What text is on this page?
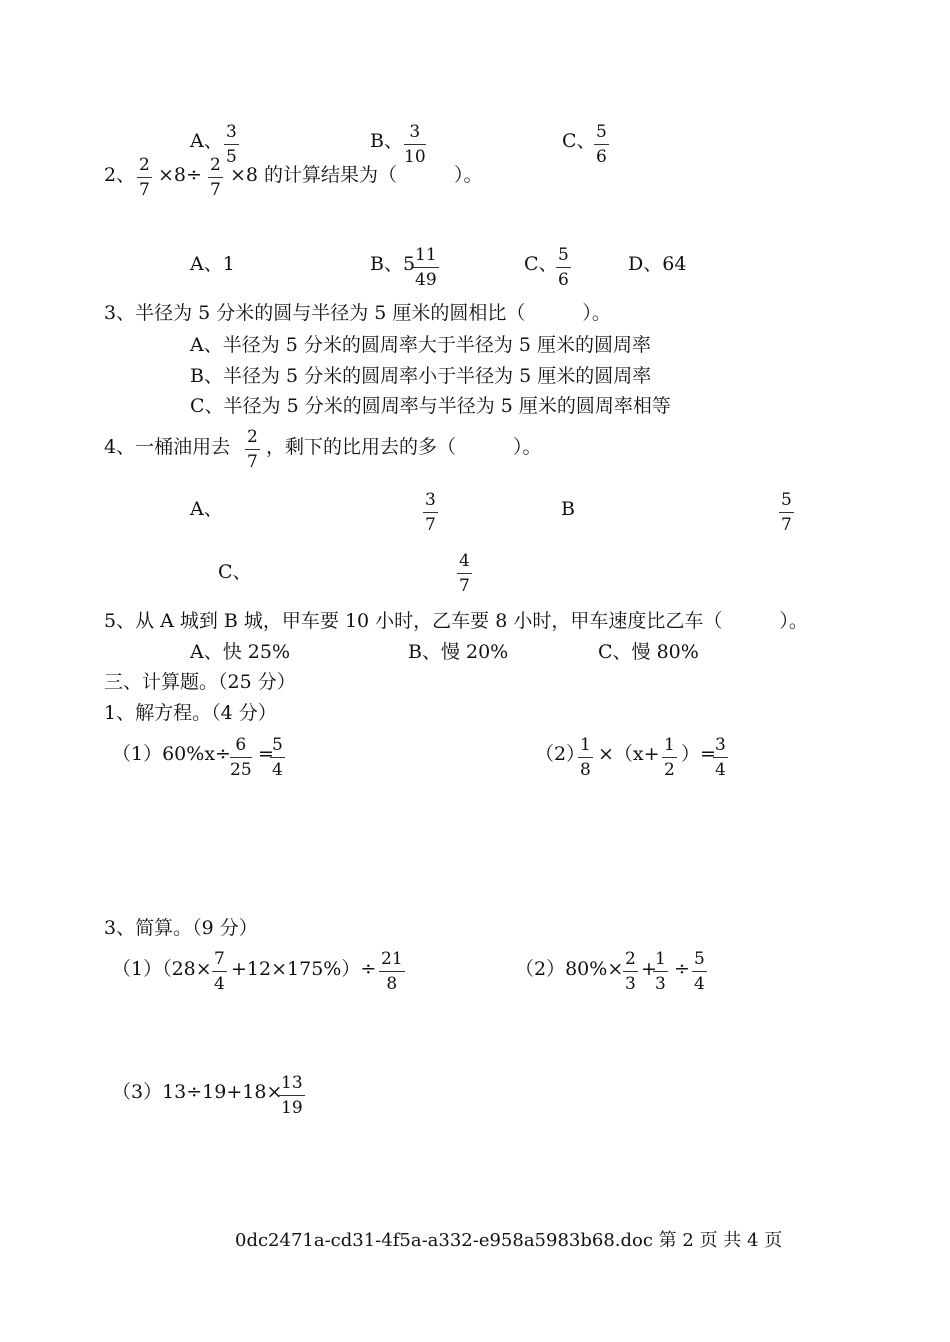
A、 $\frac{3}{5}$	B、 $\frac{3}{10}$	C、
$\frac{5}{6}$
2、 $\frac{2}{7} \times 8\div \frac{2}{7} \times 8$ 的计算结果为（　　　）。
A、1	B、5
$\frac{11}{49}$	C、
$\frac{5}{6}$	D、64
3、半径为 5 分米的圆与半径为 5 厘米的圆相比（　　　）。
A、半径为 5 分米的圆周率大于半径为 5 厘米的圆周率
B、半径为 5 分米的圆周率小于半径为 5 厘米的圆周率
C、半径为 5 分米的圆周率与半径为 5 厘米的圆周率相等
4、一桶油用去 $\frac{2}{7}$ ，剩下的比用去的多（　　　）。
A、	$\frac{3}{7}$	B	$\frac{5}{7}$
C、	$\frac{4}{7}$
5、从 A 城到 B 城，甲车要 10 小时，乙车要 8 小时，甲车速度比乙车（　　　）。
A、快 25%	B、慢 20%	C、慢 80%
三、计算题。（25 分）
1、解方程。（4 分）
$(1)60\%x\div \frac{6}{25}$ =
$\frac{5}{4}$	（2）
$\frac{1}{8} \times(x+ \frac{1}{2}$ ）=
$\frac{3}{4}$
3、简算。（9 分）
$(1)(28\times \frac{7}{4} +12\times 175\%)\div \frac{21}{8}$	$(2)80\%\times \frac{2}{3}$ +
$\frac{1}{3} \div \frac{5}{4}$
（3）13÷19+18×
$\frac{13}{19}$
0dc2471a-cd31-4f5a-a332-e958a5983b68.doc 第 2 页 共 4 页
